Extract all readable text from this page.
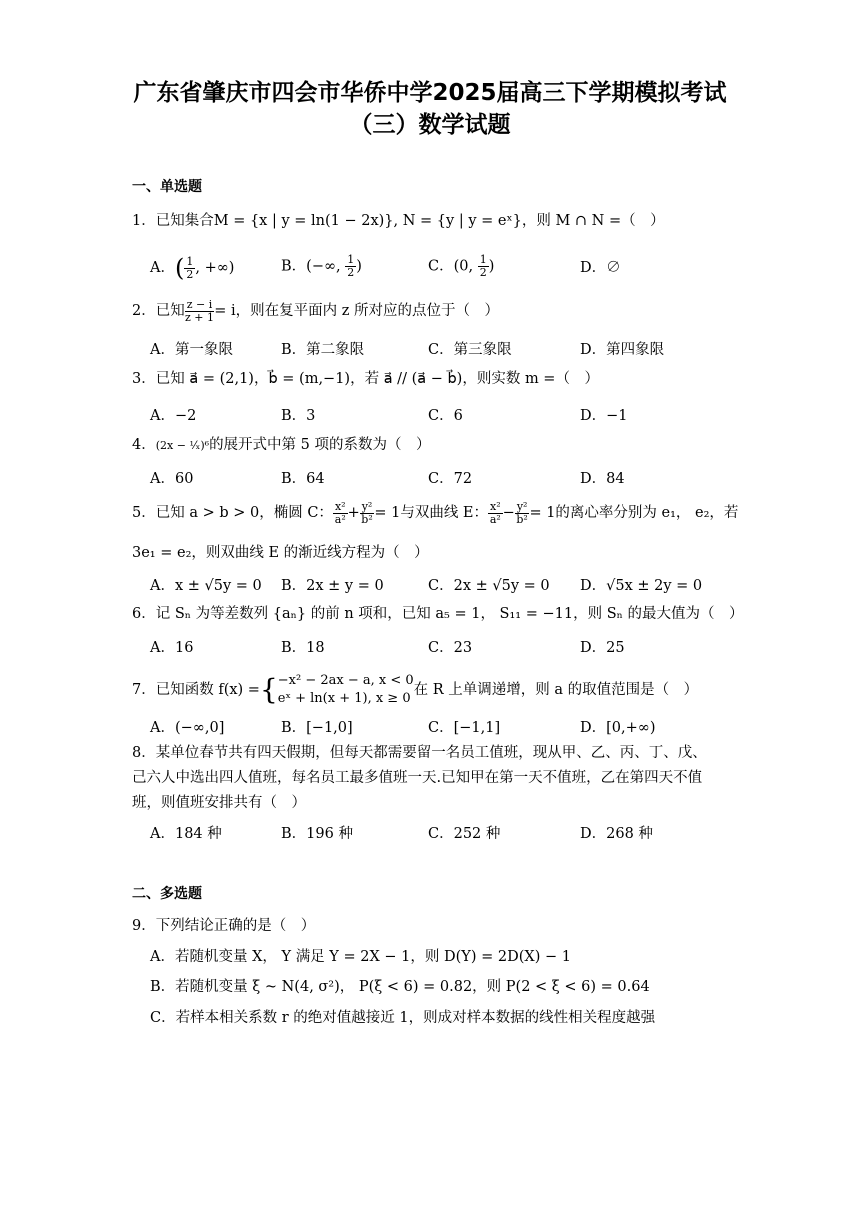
广东省肇庆市四会市华侨中学2025届高三下学期模拟考试
（三）数学试题
一、单选题
1．已知集合M = {x | y = ln(1 − 2x)}, N = {y | y = eˣ}，则 M ∩ N =（　）
A．( $\frac{1}{2}$ , +∞)	B．(−∞, $\frac{1}{2}$ )	C．(0, $\frac{1}{2}$ )	D．∅
2．已知 $\frac{z - i}{z + 1} = i$，则在复平面内 z 所对应的点位于（　）
A．第一象限	B．第二象限	C．第三象限	D．第四象限
3．已知 a⃗ = (2,1)，b⃗ = (m,−1)，若 a⃗ // (a⃗ − b⃗)，则实数 m =（　）
A．−2	B．3	C．6	D．−1
4．(2x − ¹⁄ₓ)⁶的展开式中第 5 项的系数为（　）
A．60	B．64	C．72	D．84
5．已知 a > b > 0，椭圆 C： $\frac{\text{x²}}{\text{a²}} + \frac{\text{y²}}{\text{b²}} = 1$与双曲线 E： $\frac{\text{x²}}{\text{a²}} - \frac{\text{y²}}{\text{b²}} = 1$的离心率分别为 e₁， e₂，若
3e₁ = e₂，则双曲线 E 的渐近线方程为（　）
A．x ± √5y = 0 B．2x ± y = 0	C．2x ± √5y = 0 D．√5x ± 2y = 0
6．记 Sₙ 为等差数列 {aₙ} 的前 n 项和，已知 a₅ = 1， S₁₁ = −11，则 Sₙ 的最大值为（　）
A．16	B．18	C．23	D．25
7．已知函数 f(x) ={ −x² − 2ax − a, x < 0
eˣ + ln(x + 1), x ≥ 0
在 R 上单调递增，则 a 的取值范围是（　）
A．(−∞,0]	B．[−1,0]	C．[−1,1]	D．[0,+∞)
8．某单位春节共有四天假期，但每天都需要留一名员工值班，现从甲、乙、丙、丁、戊、
己六人中选出四人值班，每名员工最多值班一天.已知甲在第一天不值班，乙在第四天不值
班，则值班安排共有（　）
A．184 种	B．196 种	C．252 种	D．268 种
二、多选题
9．下列结论正确的是（　）
A．若随机变量 X， Y 满足 Y = 2X − 1，则 D(Y) = 2D(X) − 1
B．若随机变量 ξ ~ N(4, σ²)， P(ξ < 6) = 0.82，则 P(2 < ξ < 6) = 0.64
C．若样本相关系数 r 的绝对值越接近 1，则成对样本数据的线性相关程度越强
